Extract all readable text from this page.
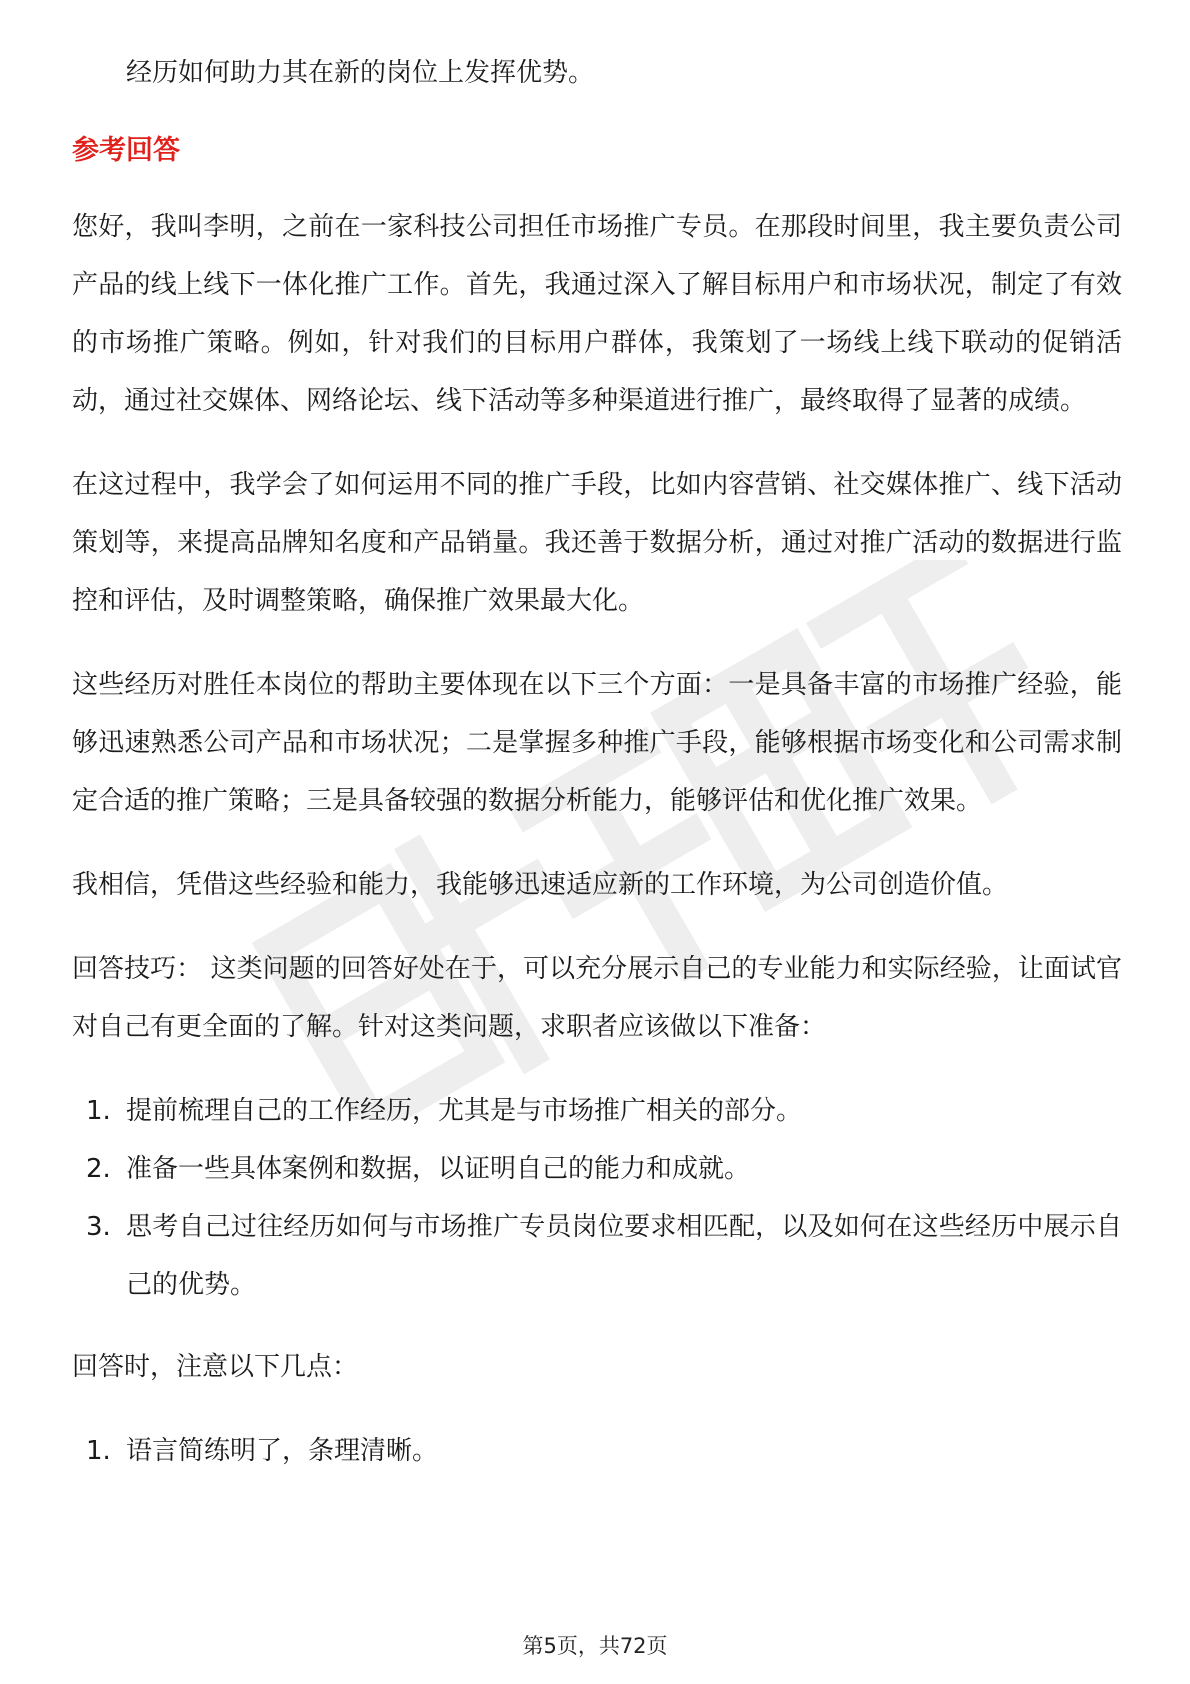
经历如何助力其在新的岗位上发挥优势。

参考回答

您好，我叫李明，之前在一家科技公司担任市场推广专员。在那段时间里，我主要负责公司产品的线上线下一体化推广工作。首先，我通过深入了解目标用户和市场状况，制定了有效的市场推广策略。例如，针对我们的目标用户群体，我策划了一场线上线下联动的促销活动，通过社交媒体、网络论坛、线下活动等多种渠道进行推广，最终取得了显著的成绩。

在这过程中，我学会了如何运用不同的推广手段，比如内容营销、社交媒体推广、线下活动策划等，来提高品牌知名度和产品销量。我还善于数据分析，通过对推广活动的数据进行监控和评估，及时调整策略，确保推广效果最大化。

这些经历对胜任本岗位的帮助主要体现在以下三个方面：一是具备丰富的市场推广经验，能够迅速熟悉公司产品和市场状况；二是掌握多种推广手段，能够根据市场变化和公司需求制定合适的推广策略；三是具备较强的数据分析能力，能够评估和优化推广效果。

我相信，凭借这些经验和能力，我能够迅速适应新的工作环境，为公司创造价值。

回答技巧： 这类问题的回答好处在于，可以充分展示自己的专业能力和实际经验，让面试官对自己有更全面的了解。针对这类问题，求职者应该做以下准备：

1. 提前梳理自己的工作经历，尤其是与市场推广相关的部分。
2. 准备一些具体案例和数据，以证明自己的能力和成就。
3. 思考自己过往经历如何与市场推广专员岗位要求相匹配，以及如何在这些经历中展示自己的优势。

回答时，注意以下几点：

1. 语言简练明了，条理清晰。
第5页，共72页
